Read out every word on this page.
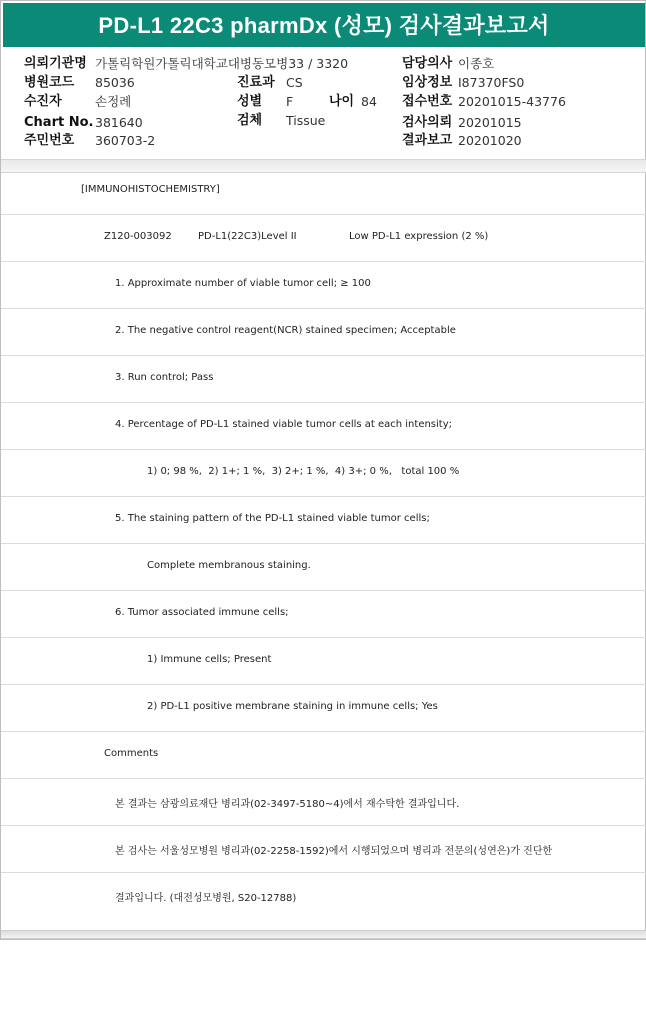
PD-L1 22C3 pharmDx (성모) 검사결과보고서
의뢰기관명 가톨릭학원가톨릭대학교대병동모병33 / 3320
병원코드 85036
수진자	손정례
Chart No. 381640
주민번호 360703-2
진료과 CS
성별 F	나이 84
검체 Tissue
담당의사 이종호
임상정보 I87370FS0
접수번호 20201015-43776
검사의뢰 20201015
결과보고 20201020
[IMMUNOHISTOCHEMISTRY]
Z120-003092	PD-L1(22C3)Level II	Low PD-L1 expression (2 %)
1. Approximate number of viable tumor cell; ≥ 100
2. The negative control reagent(NCR) stained specimen; Acceptable
3. Run control; Pass
4. Percentage of PD-L1 stained viable tumor cells at each intensity;
1) 0; 98 %,  2) 1+; 1 %,  3) 2+; 1 %,  4) 3+; 0 %,   total 100 %
5. The staining pattern of the PD-L1 stained viable tumor cells;
Complete membranous staining.
6. Tumor associated immune cells;
1) Immune cells; Present
2) PD-L1 positive membrane staining in immune cells; Yes
Comments
본 결과는 삼광의료재단 병리과(02-3497-5180~4)에서 재수탁한 결과입니다.
본 검사는 서울성모병원 병리과(02-2258-1592)에서 시행되었으며 병리과 전문의(성연은)가 진단한
결과입니다. (대전성모병원, S20-12788)
